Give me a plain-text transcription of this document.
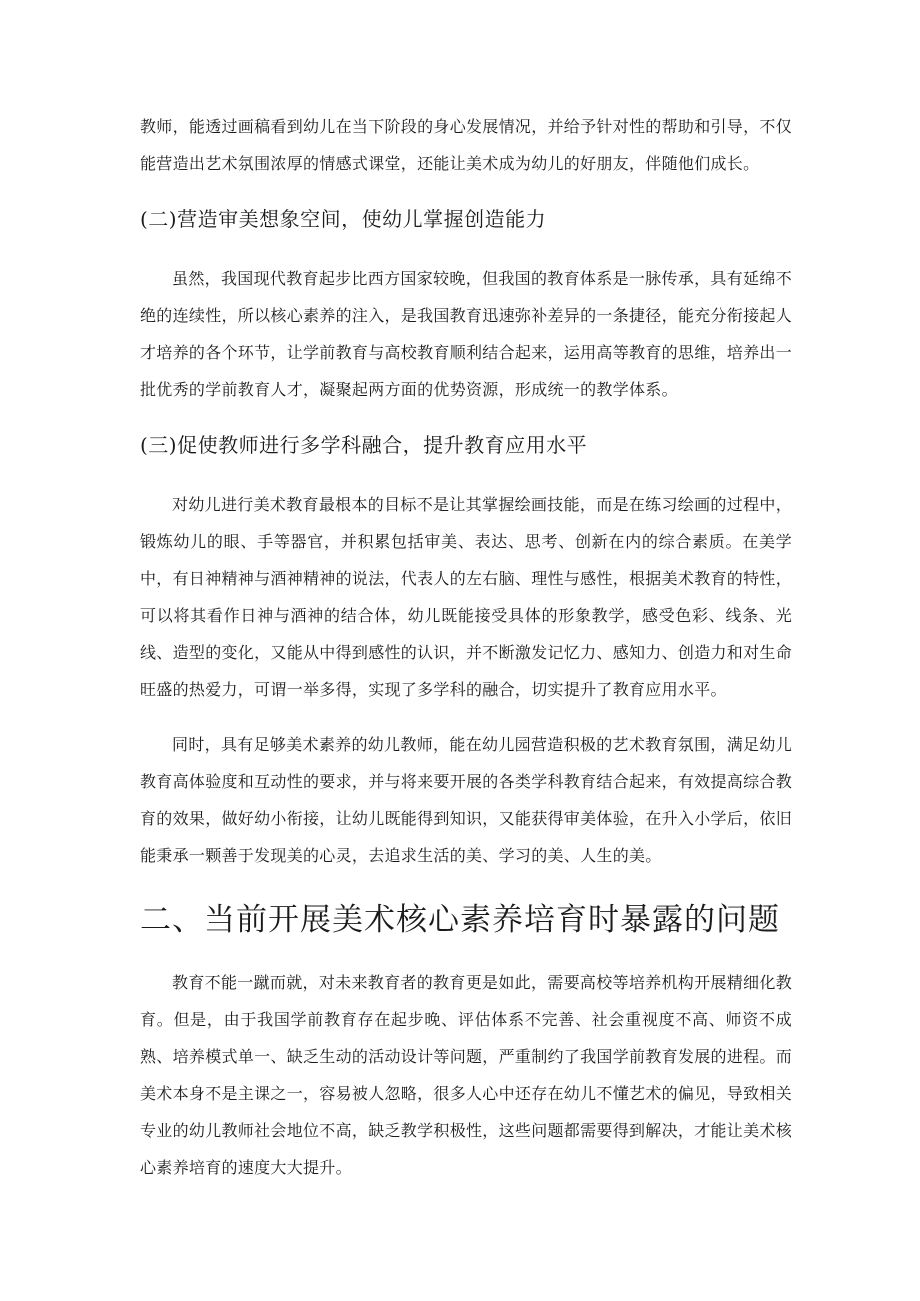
教师，能透过画稿看到幼儿在当下阶段的身心发展情况，并给予针对性的帮助和引导，不仅能营造出艺术氛围浓厚的情感式课堂，还能让美术成为幼儿的好朋友，伴随他们成长。

(二)营造审美想象空间，使幼儿掌握创造能力

虽然，我国现代教育起步比西方国家较晚，但我国的教育体系是一脉传承，具有延绵不绝的连续性，所以核心素养的注入，是我国教育迅速弥补差异的一条捷径，能充分衔接起人才培养的各个环节，让学前教育与高校教育顺利结合起来，运用高等教育的思维，培养出一批优秀的学前教育人才，凝聚起两方面的优势资源，形成统一的教学体系。

(三)促使教师进行多学科融合，提升教育应用水平

对幼儿进行美术教育最根本的目标不是让其掌握绘画技能，而是在练习绘画的过程中，锻炼幼儿的眼、手等器官，并积累包括审美、表达、思考、创新在内的综合素质。在美学中，有日神精神与酒神精神的说法，代表人的左右脑、理性与感性，根据美术教育的特性，可以将其看作日神与酒神的结合体，幼儿既能接受具体的形象教学，感受色彩、线条、光线、造型的变化，又能从中得到感性的认识，并不断激发记忆力、感知力、创造力和对生命旺盛的热爱力，可谓一举多得，实现了多学科的融合，切实提升了教育应用水平。

同时，具有足够美术素养的幼儿教师，能在幼儿园营造积极的艺术教育氛围，满足幼儿教育高体验度和互动性的要求，并与将来要开展的各类学科教育结合起来，有效提高综合教育的效果，做好幼小衔接，让幼儿既能得到知识，又能获得审美体验，在升入小学后，依旧能秉承一颗善于发现美的心灵，去追求生活的美、学习的美、人生的美。

二、当前开展美术核心素养培育时暴露的问题

教育不能一蹴而就，对未来教育者的教育更是如此，需要高校等培养机构开展精细化教育。但是，由于我国学前教育存在起步晚、评估体系不完善、社会重视度不高、师资不成熟、培养模式单一、缺乏生动的活动设计等问题，严重制约了我国学前教育发展的进程。而美术本身不是主课之一，容易被人忽略，很多人心中还存在幼儿不懂艺术的偏见，导致相关专业的幼儿教师社会地位不高，缺乏教学积极性，这些问题都需要得到解决，才能让美术核心素养培育的速度大大提升。
